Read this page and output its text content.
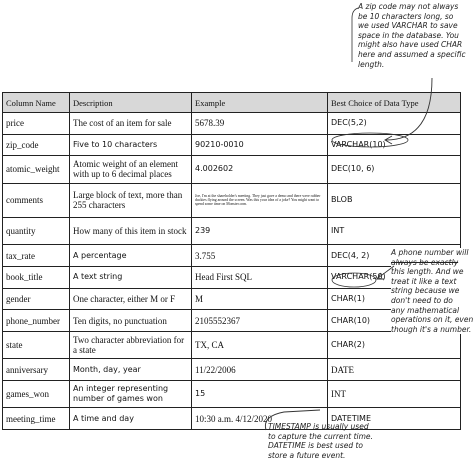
A zip code may not always
be 10 characters long, so
we used VARCHAR to save
space in the database. You
might also have used CHAR
here and assumed a specific
length.
Column Name	Description	Example	Best Choice of Data Type
price	The cost of an item for sale	5678.39	DEC(5,2)
zip_code	Five to 10 characters	90210-0010	VARCHAR(10)
atomic_weight	Atomic weight of an element with up to 6 decimal places	4.002602	DEC(10, 6)
comments	Large block of text, more than 255 characters	Joe, I'm at the shareholder's meeting. They just gave a demo and there were rubber duckies flying around the screen. Was this your idea of a joke? You might want to spend some time on Monster.com.	BLOB
quantity	How many of this item in stock	239	INT
tax_rate	A percentage	3.755	DEC(4, 2)
book_title	A text string	Head First SQL	VARCHAR(50)
gender	One character, either M or F	M	CHAR(1)
phone_number	Ten digits, no punctuation	2105552367	CHAR(10)
state	Two character abbreviation for a state	TX, CA	CHAR(2)
anniversary	Month, day, year	11/22/2006	DATE
games_won	An integer representing number of games won	15	INT
meeting_time	A time and day	10:30 a.m. 4/12/2020	DATETIME
A phone number will
always be exactly
this length. And we
treat it like a text
string because we
don't need to do
any mathematical
operations on it, even
though it's a number.
TIMESTAMP is usually used
to capture the current time.
DATETIME is best used to
store a future event.
